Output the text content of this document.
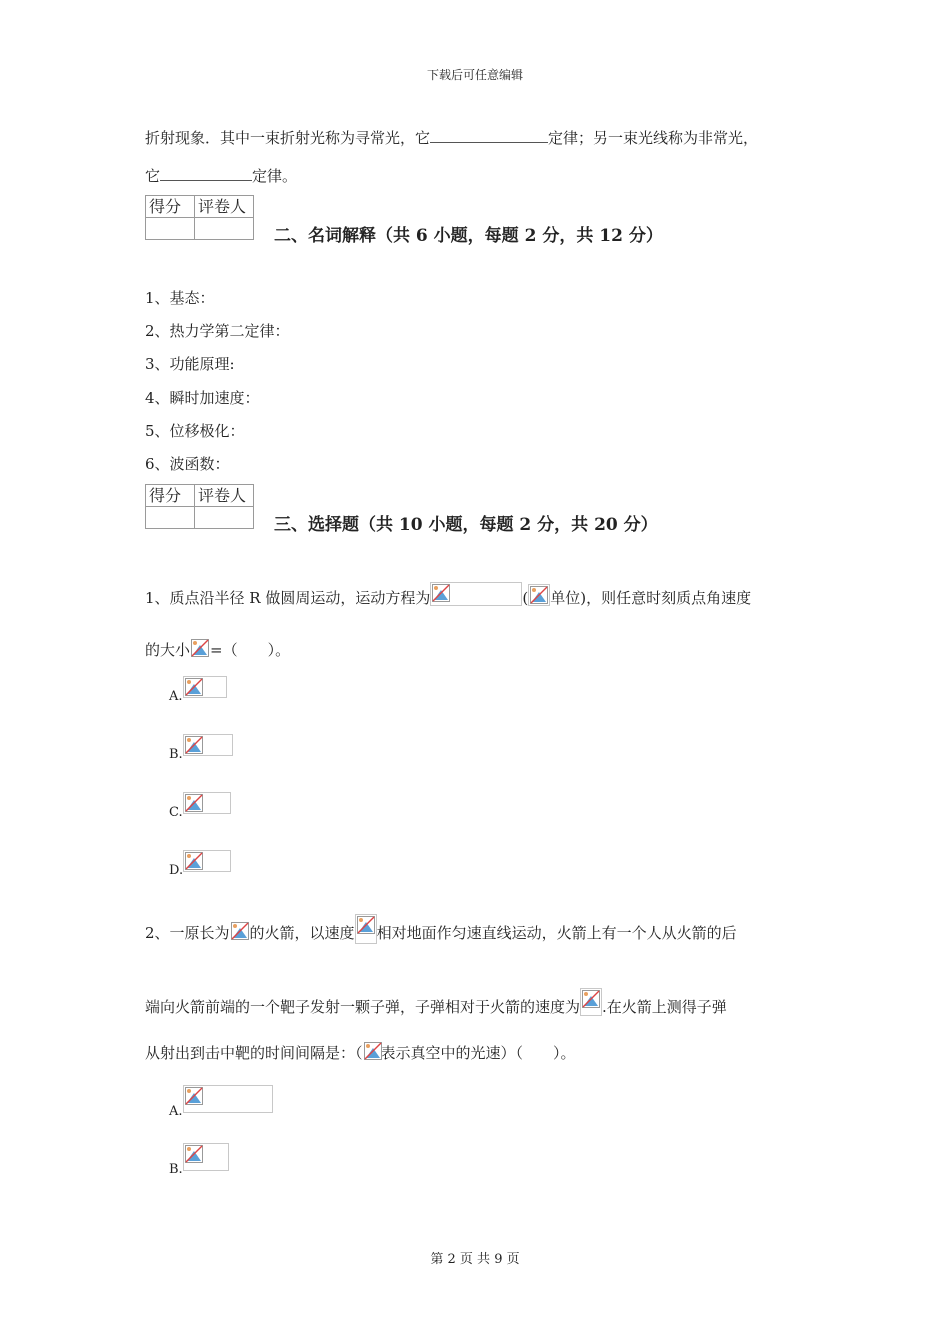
下载后可任意编辑
第 2 页 共 9 页
折射现象．其中一束折射光称为寻常光，它	定律；另一束光线称为非常光，
它	定律。
得分	评卷人

二、名词解释（共 6 小题，每题 2 分，共 12 分）
1、基态：
2、热力学第二定律：
3、功能原理:
4、瞬时加速度：
5、位移极化：
6、波函数：
得分	评卷人

三、选择题（共 10 小题，每题 2 分，共 20 分）
1、质点沿半径 R 做圆周运动，运动方程为	( 单位)，则任意时刻质点角速度
的大小 =（　　）。
A.
B.
C.
D.
2、一原长为 的火箭，以速度 相对地面作匀速直线运动，火箭上有一个人从火箭的后
端向火箭前端的一个靶子发射一颗子弹，子弹相对于火箭的速度为 .在火箭上测得子弹
从射出到击中靶的时间间隔是：（ 表示真空中的光速）（　　）。
A.
B.
